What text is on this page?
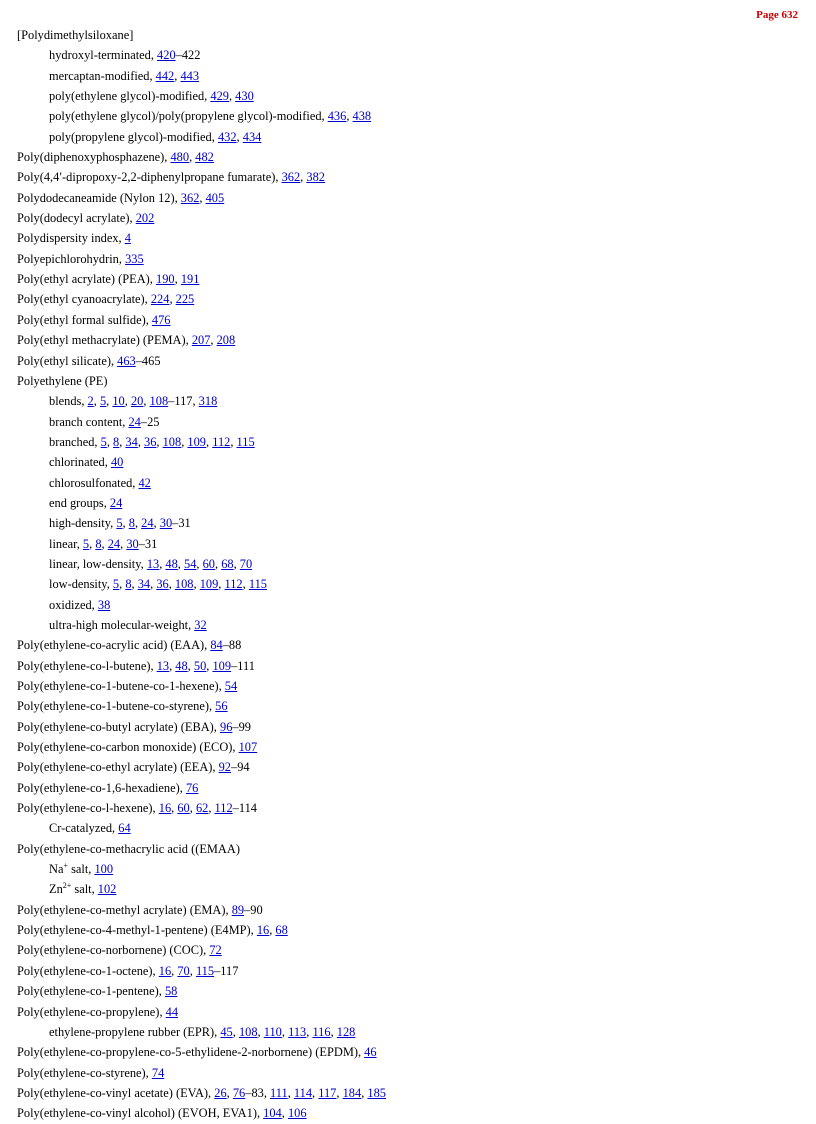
Page 632
[Polydimethylsiloxane]
hydroxyl-terminated, 420–422
mercaptan-modified, 442, 443
poly(ethylene glycol)-modified, 429, 430
poly(ethylene glycol)/poly(propylene glycol)-modified, 436, 438
poly(propylene glycol)-modified, 432, 434
Poly(diphenoxyphosphazene), 480, 482
Poly(4,4′-dipropoxy-2,2-diphenylpropane fumarate), 362, 382
Polydodecaneamide (Nylon 12), 362, 405
Poly(dodecyl acrylate), 202
Polydispersity index, 4
Polyepichlorohydrin, 335
Poly(ethyl acrylate) (PEA), 190, 191
Poly(ethyl cyanoacrylate), 224, 225
Poly(ethyl formal sulfide), 476
Poly(ethyl methacrylate) (PEMA), 207, 208
Poly(ethyl silicate), 463–465
Polyethylene (PE)
blends, 2, 5, 10, 20, 108–117, 318
branch content, 24–25
branched, 5, 8, 34, 36, 108, 109, 112, 115
chlorinated, 40
chlorosulfonated, 42
end groups, 24
high-density, 5, 8, 24, 30–31
linear, 5, 8, 24, 30–31
linear, low-density, 13, 48, 54, 60, 68, 70
low-density, 5, 8, 34, 36, 108, 109, 112, 115
oxidized, 38
ultra-high molecular-weight, 32
Poly(ethylene-co-acrylic acid) (EAA), 84–88
Poly(ethylene-co-l-butene), 13, 48, 50, 109–111
Poly(ethylene-co-1-butene-co-1-hexene), 54
Poly(ethylene-co-1-butene-co-styrene), 56
Poly(ethylene-co-butyl acrylate) (EBA), 96–99
Poly(ethylene-co-carbon monoxide) (ECO), 107
Poly(ethylene-co-ethyl acrylate) (EEA), 92–94
Poly(ethylene-co-1,6-hexadiene), 76
Poly(ethylene-co-l-hexene), 16, 60, 62, 112–114
Cr-catalyzed, 64
Poly(ethylene-co-methacrylic acid ((EMAA)
Na+ salt, 100
$Zn^{2+}$ salt, 102
Poly(ethylene-co-methyl acrylate) (EMA), 89–90
Poly(ethylene-co-4-methyl-1-pentene) (E4MP), 16, 68
Poly(ethylene-co-norbornene) (COC), 72
Poly(ethylene-co-1-octene), 16, 70, 115–117
Poly(ethylene-co-1-pentene), 58
Poly(ethylene-co-propylene), 44
ethylene-propylene rubber (EPR), 45, 108, 110, 113, 116, 128
Poly(ethylene-co-propylene-co-5-ethylidene-2-norbornene) (EPDM), 46
Poly(ethylene-co-styrene), 74
Poly(ethylene-co-vinyl acetate) (EVA), 26, 76–83, 111, 114, 117, 184, 185
Poly(ethylene-co-vinyl alcohol) (EVOH, EVA1), 104, 106
